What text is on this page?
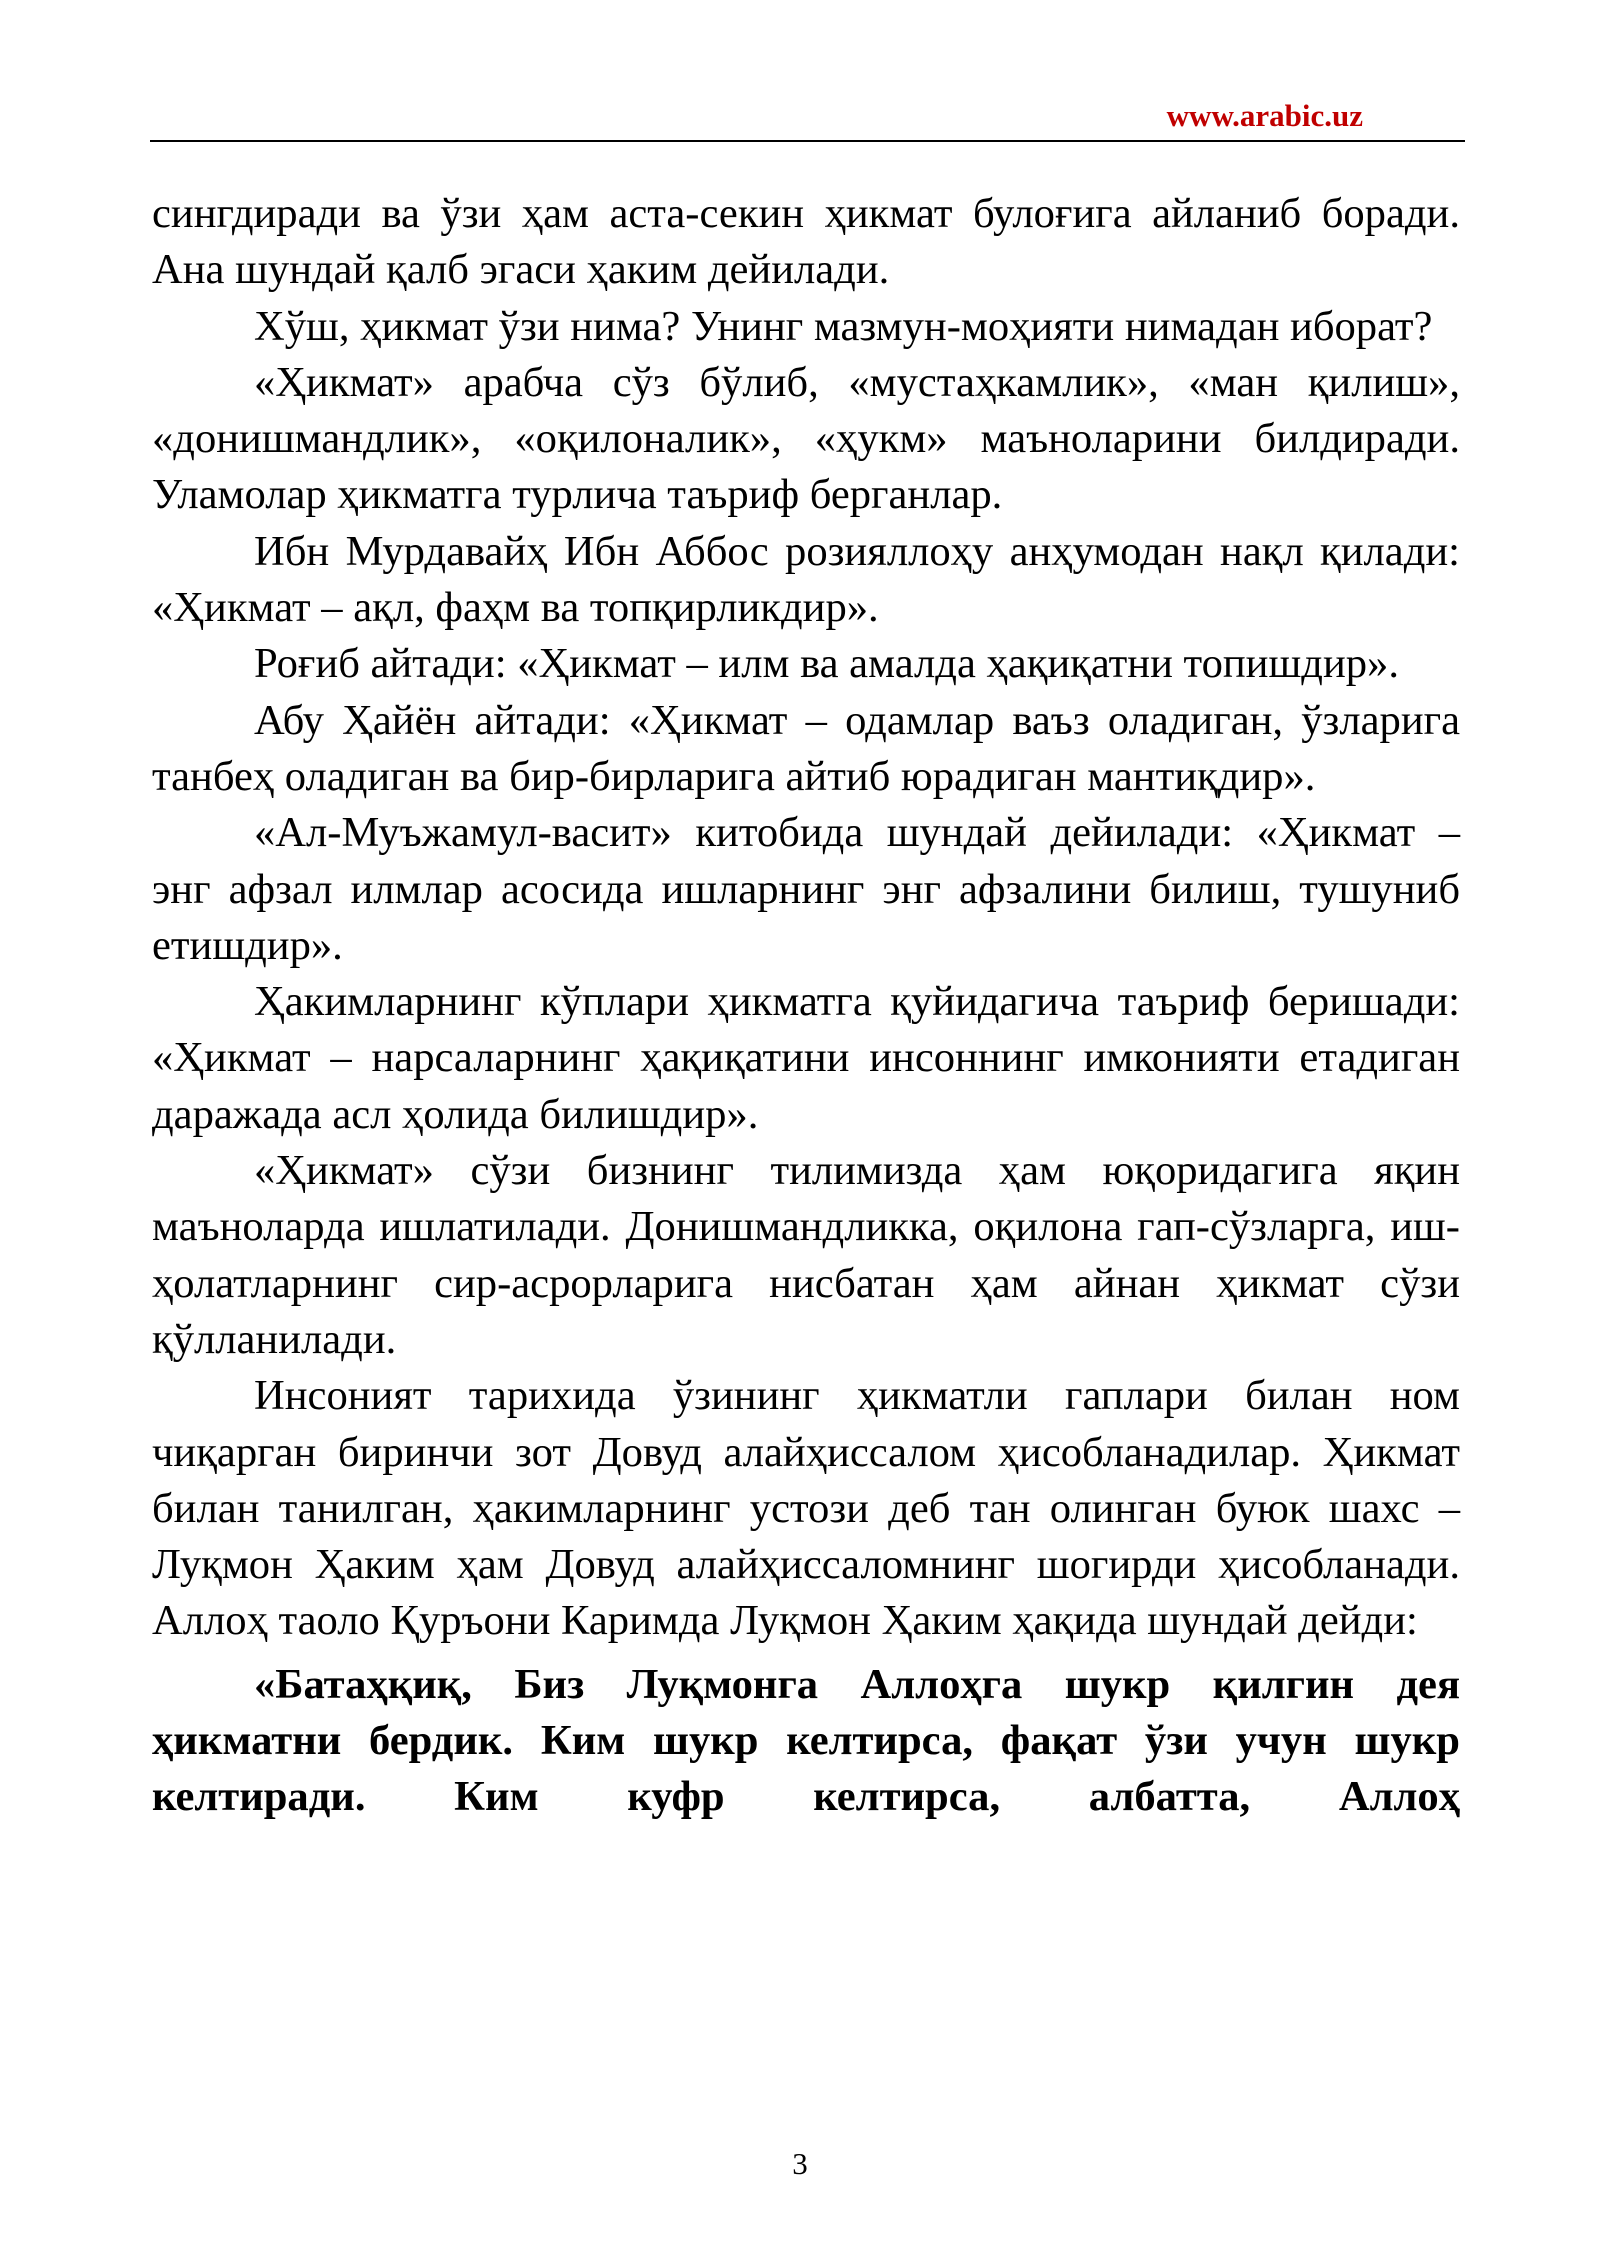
www.arabic.uz

сингдиради ва ўзи ҳам аста-секин ҳикмат булоғига айланиб боради. Ана шундай қалб эгаси ҳаким дейилади.

Хўш, ҳикмат ўзи нима? Унинг мазмун-моҳияти нимадан иборат?

«Ҳикмат» арабча сўз бўлиб, «мустаҳкамлик», «ман қилиш», «донишмандлик», «оқилоналик», «ҳукм» маъноларини билдиради. Уламолар ҳикматга турлича таъриф берганлар.

Ибн Мурдавайҳ Ибн Аббос розияллоҳу анҳумодан нақл қилади: «Ҳикмат – ақл, фаҳм ва топқирликдир».

Роғиб айтади: «Ҳикмат – илм ва амалда ҳақиқатни топишдир».

Абу Ҳайён айтади: «Ҳикмат – одамлар ваъз оладиган, ўзларига танбеҳ оладиган ва бир-бирларига айтиб юрадиган мантиқдир».

«Ал-Муъжамул-васит» китобида шундай дейилади: «Ҳикмат – энг афзал илмлар асосида ишларнинг энг афзалини билиш, тушуниб етишдир».

Ҳакимларнинг кўплари ҳикматга қуйидагича таъриф беришади: «Ҳикмат – нарсаларнинг ҳақиқатини инсоннинг имконияти етадиган даражада асл ҳолида билишдир».

«Ҳикмат» сўзи бизнинг тилимизда ҳам юқоридагига яқин маъноларда ишлатилади. Донишмандликка, оқилона гап-сўзларга, иш-ҳолатларнинг сир-асрорларига нисбатан ҳам айнан ҳикмат сўзи қўлланилади.

Инсоният тарихида ўзининг ҳикматли гаплари билан ном чиқарган биринчи зот Довуд алайҳиссалом ҳисобланадилар. Ҳикмат билан танилган, ҳакимларнинг устози деб тан олинган буюк шахс – Луқмон Ҳаким ҳам Довуд алайҳиссаломнинг шогирди ҳисобланади. Аллоҳ таоло Қуръони Каримда Луқмон Ҳаким ҳақида шундай дейди:

«Батаҳқиқ, Биз Луқмонга Аллоҳга шукр қилгин дея ҳикматни бердик. Ким шукр келтирса, фақат ўзи учун шукр келтиради. Ким куфр келтирса, албатта, Аллоҳ

3
